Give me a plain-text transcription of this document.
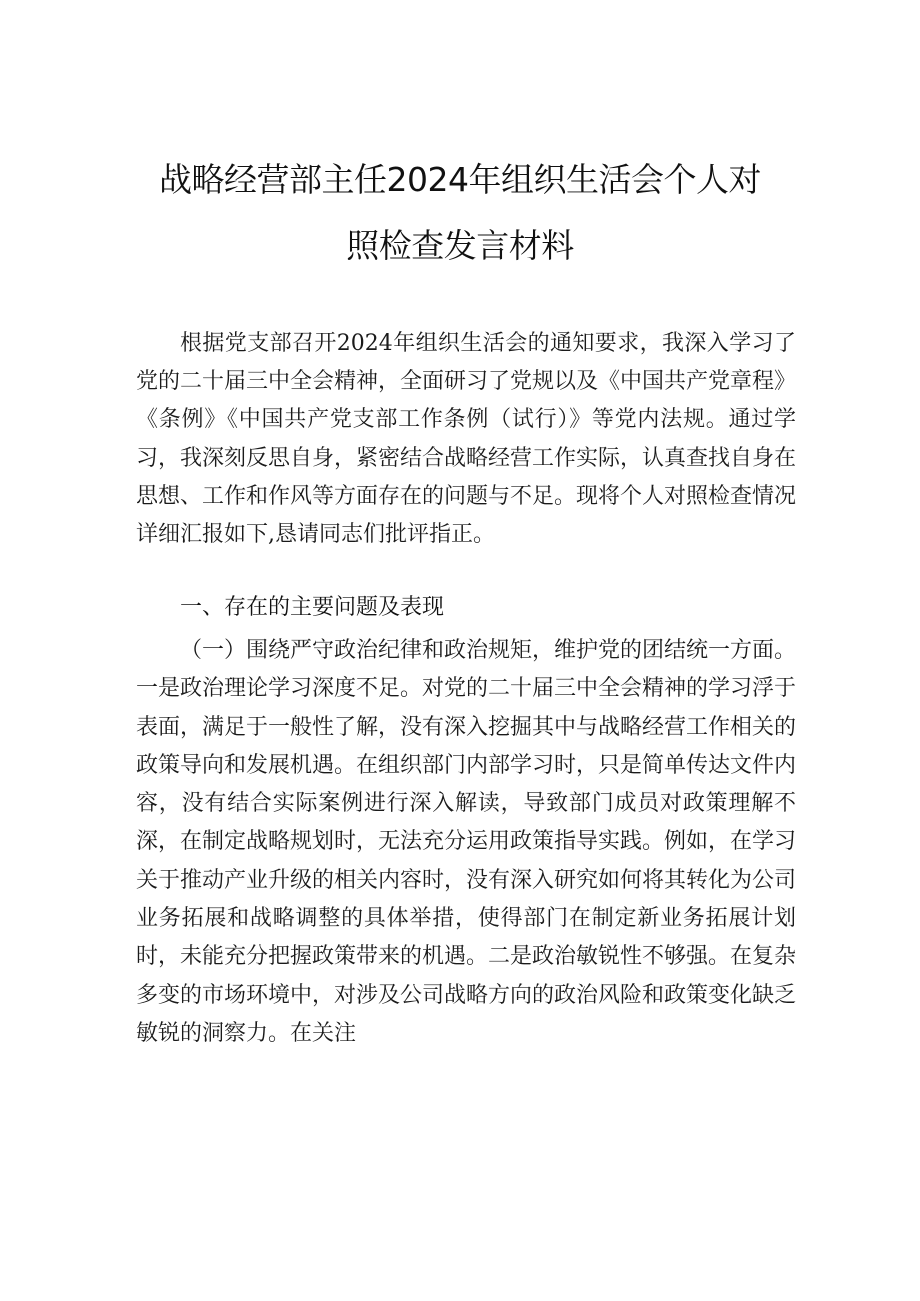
战略经营部主任2024年组织生活会个人对
照检查发言材料
根据党支部召开2024年组织生活会的通知要求，我深入学习了党的二十届三中全会精神，全面研习了党规以及《中国共产党章程》《条例》《中国共产党支部工作条例（试行）》等党内法规。通过学习，我深刻反思自身，紧密结合战略经营工作实际，认真查找自身在思想、工作和作风等方面存在的问题与不足。现将个人对照检查情况详细汇报如下,恳请同志们批评指正。
一、存在的主要问题及表现
（一）围绕严守政治纪律和政治规矩，维护党的团结统一方面。一是政治理论学习深度不足。对党的二十届三中全会精神的学习浮于表面，满足于一般性了解，没有深入挖掘其中与战略经营工作相关的政策导向和发展机遇。在组织部门内部学习时，只是简单传达文件内容，没有结合实际案例进行深入解读，导致部门成员对政策理解不深，在制定战略规划时，无法充分运用政策指导实践。例如，在学习关于推动产业升级的相关内容时，没有深入研究如何将其转化为公司业务拓展和战略调整的具体举措，使得部门在制定新业务拓展计划时，未能充分把握政策带来的机遇。二是政治敏锐性不够强。在复杂多变的市场环境中，对涉及公司战略方向的政治风险和政策变化缺乏敏锐的洞察力。在关注
